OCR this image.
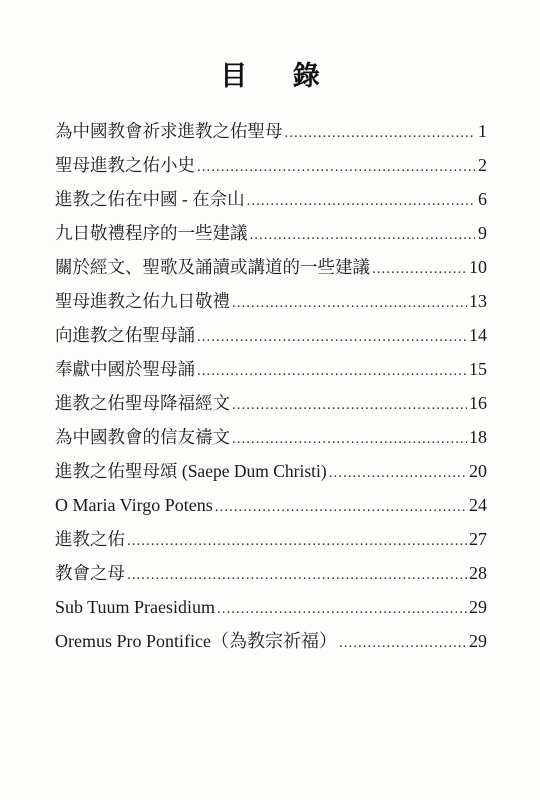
目 錄
為中國教會祈求進教之佑聖母 .....	1
聖母進教之佑小史 .....	2
進教之佑在中國 - 在佘山 .....	6
九日敬禮程序的一些建議 .....	9
關於經文、聖歌及誦讀或講道的一些建議 .....	10
聖母進教之佑九日敬禮 .....	13
向進教之佑聖母誦 .....	14
奉獻中國於聖母誦 .....	15
進教之佑聖母降福經文 .....	16
為中國教會的信友禱文 .....	18
進教之佑聖母頌 (Saepe Dum Christi) .....	20
O Maria Virgo Potens .....	24
進教之佑 .....	27
教會之母 .....	28
Sub Tuum Praesidium .....	29
Oremus Pro Pontifice（為教宗祈福） .....	29
